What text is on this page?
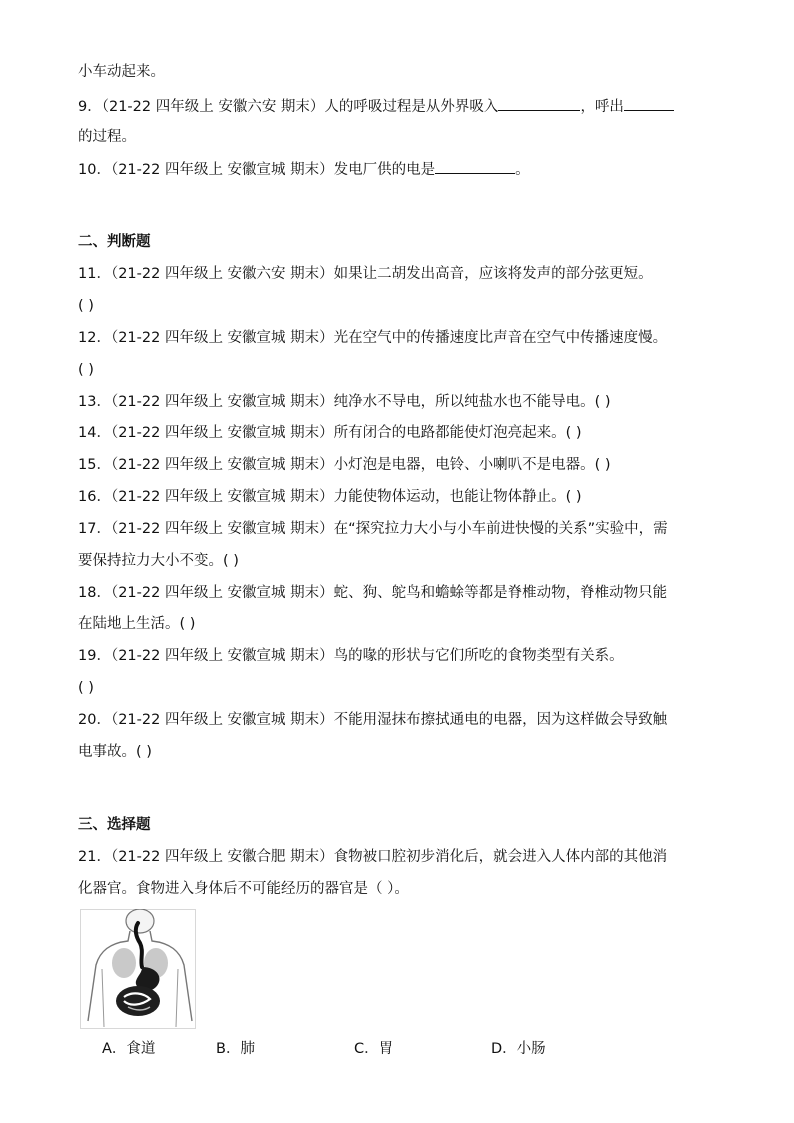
小车动起来。
9．（21-22 四年级上 安徽六安 期末）人的呼吸过程是从外界吸入	，呼出
的过程。
10．（21-22 四年级上 安徽宣城 期末）发电厂供的电是	。
二、判断题
11．（21-22 四年级上 安徽六安 期末）如果让二胡发出高音，应该将发声的部分弦更短。
( )
12．（21-22 四年级上 安徽宣城 期末）光在空气中的传播速度比声音在空气中传播速度慢。
( )
13．（21-22 四年级上 安徽宣城 期末）纯净水不导电，所以纯盐水也不能导电。( )
14．（21-22 四年级上 安徽宣城 期末）所有闭合的电路都能使灯泡亮起来。( )
15．（21-22 四年级上 安徽宣城 期末）小灯泡是电器，电铃、小喇叭不是电器。( )
16．（21-22 四年级上 安徽宣城 期末）力能使物体运动，也能让物体静止。( )
17．（21-22 四年级上 安徽宣城 期末）在“探究拉力大小与小车前进快慢的关系”实验中，需
要保持拉力大小不变。( )
18．（21-22 四年级上 安徽宣城 期末）蛇、狗、鸵鸟和蟾蜍等都是脊椎动物，脊椎动物只能
在陆地上生活。( )
19．（21-22 四年级上 安徽宣城 期末）鸟的喙的形状与它们所吃的食物类型有关系。
( )
20．（21-22 四年级上 安徽宣城 期末）不能用湿抹布擦拭通电的电器，因为这样做会导致触
电事故。( )
三、选择题
21．（21-22 四年级上 安徽合肥 期末）食物被口腔初步消化后，就会进入人体内部的其他消
化器官。食物进入身体后不可能经历的器官是（ ）。
A．食道	B．肺	C．胃	D．小肠
